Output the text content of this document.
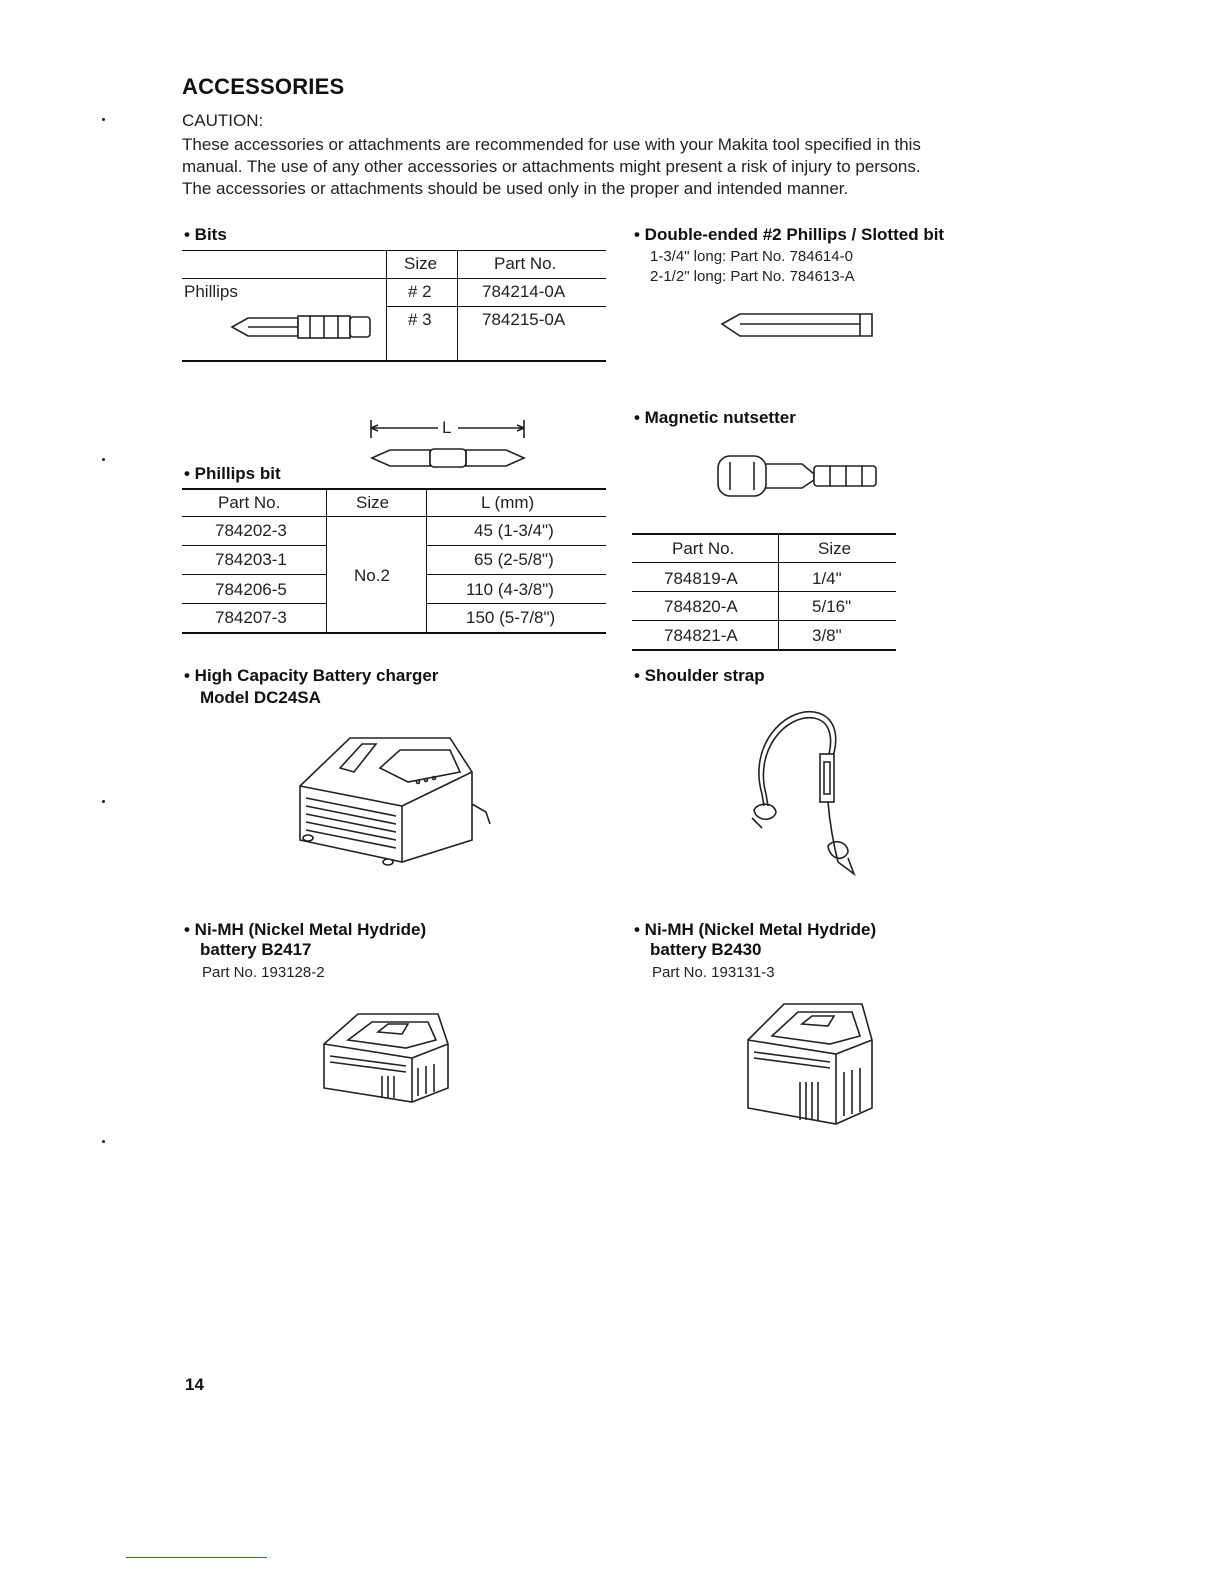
ACCESSORIES
CAUTION:
These accessories or attachments are recommended for use with your Makita tool specified in this
manual. The use of any other accessories or attachments might present a risk of injury to persons.
The accessories or attachments should be used only in the proper and intended manner.
• Bits
Size	Part No.
Phillips	# 2	784214-0A
# 3	784215-0A
• Double-ended #2 Phillips / Slotted bit
1-3/4" long: Part No. 784614-0
2-1/2" long: Part No. 784613-A
L
• Phillips bit
Part No.	Size	L (mm)
No.2
784202-3	45 (1-3/4")
784203-1	65 (2-5/8")
784206-5	110 (4-3/8")
784207-3	150 (5-7/8")
• Magnetic nutsetter
Part No.	Size
784819-A	1/4"
784820-A	5/16"
784821-A	3/8"
• High Capacity Battery charger
Model DC24SA
• Shoulder strap
• Ni-MH (Nickel Metal Hydride)
battery B2417
Part No. 193128-2
• Ni-MH (Nickel Metal Hydride)
battery B2430
Part No. 193131-3
14
